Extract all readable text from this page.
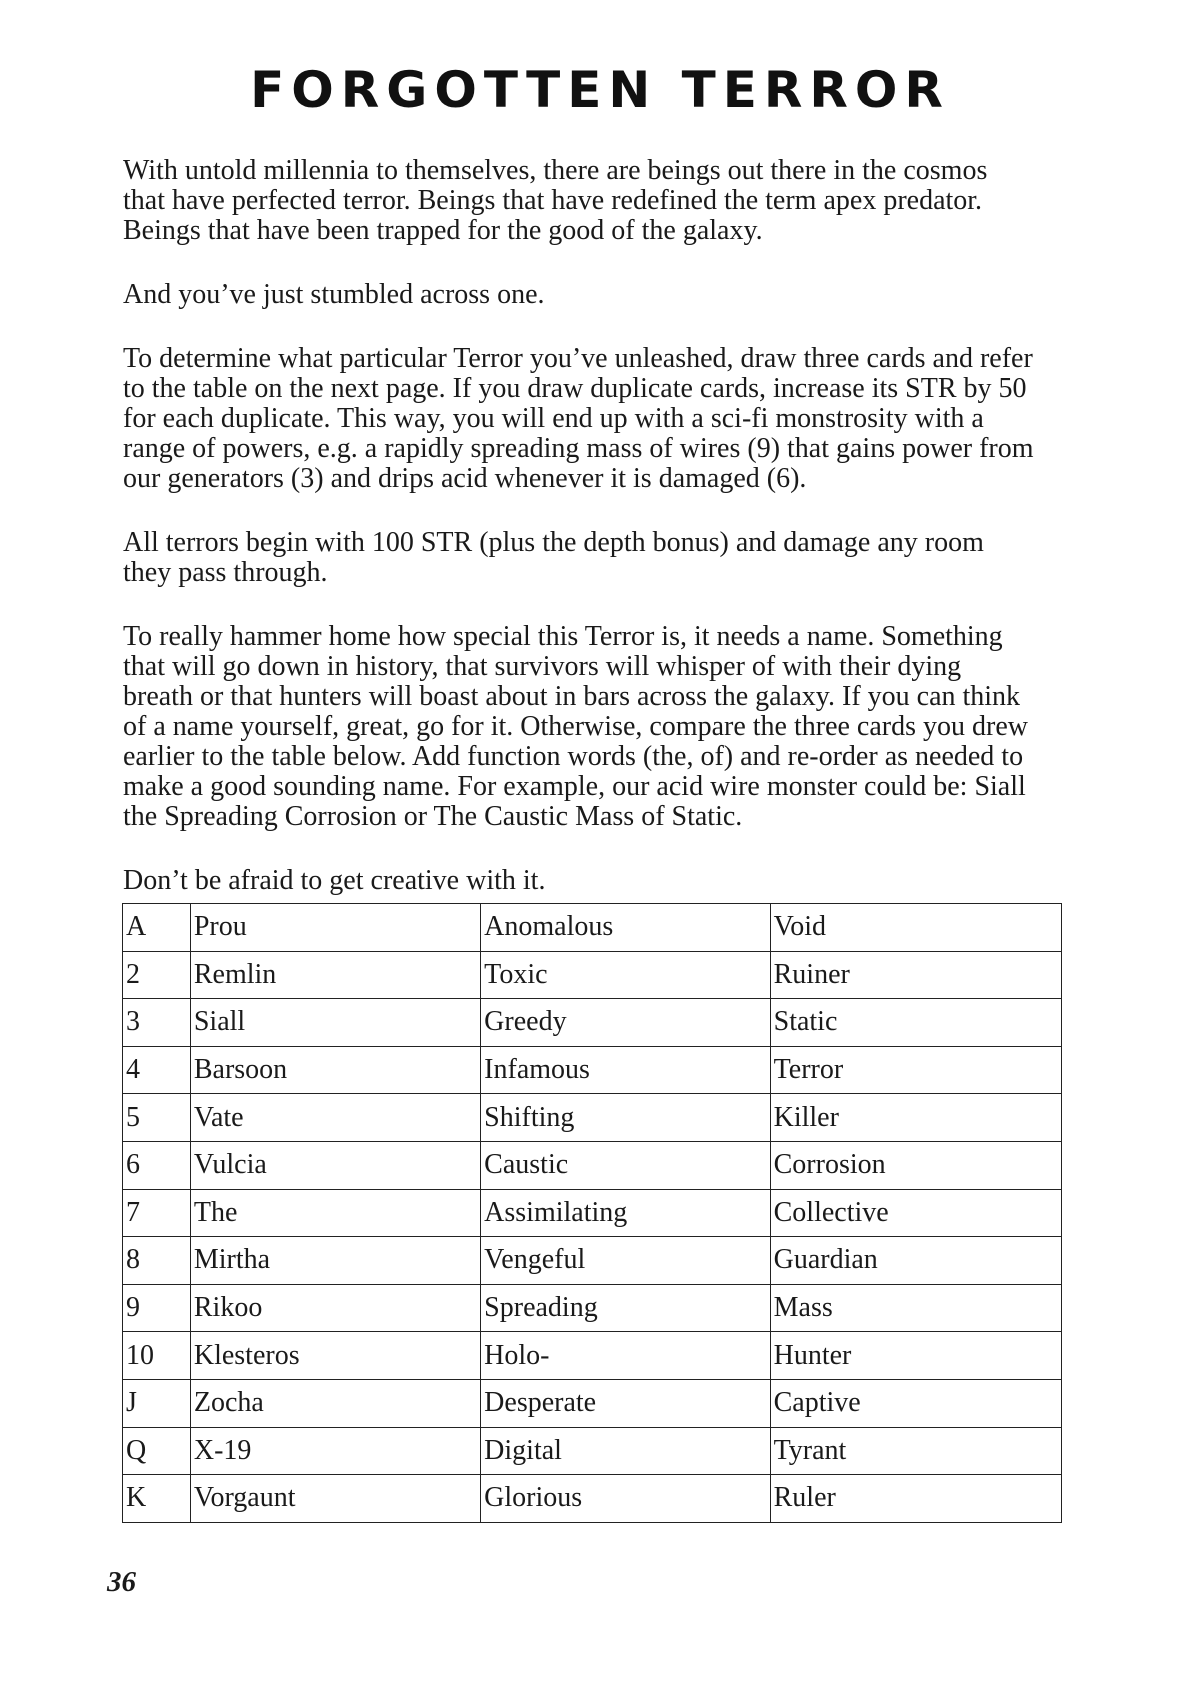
FORGOTTEN TERROR

With untold millennia to themselves, there are beings out there in the cosmos
that have perfected terror. Beings that have redefined the term apex predator.
Beings that have been trapped for the good of the galaxy.

And you’ve just stumbled across one.

To determine what particular Terror you’ve unleashed, draw three cards and refer
to the table on the next page. If you draw duplicate cards, increase its STR by 50
for each duplicate. This way, you will end up with a sci-fi monstrosity with a
range of powers, e.g. a rapidly spreading mass of wires (9) that gains power from
our generators (3) and drips acid whenever it is damaged (6).

All terrors begin with 100 STR (plus the depth bonus) and damage any room
they pass through.

To really hammer home how special this Terror is, it needs a name. Something
that will go down in history, that survivors will whisper of with their dying
breath or that hunters will boast about in bars across the galaxy. If you can think
of a name yourself, great, go for it. Otherwise, compare the three cards you drew
earlier to the table below. Add function words (the, of) and re-order as needed to
make a good sounding name. For example, our acid wire monster could be: Siall
the Spreading Corrosion or The Caustic Mass of Static.

Don’t be afraid to get creative with it.

A	Prou	Anomalous	Void
2	Remlin	Toxic	Ruiner
3	Siall	Greedy	Static
4	Barsoon	Infamous	Terror
5	Vate	Shifting	Killer
6	Vulcia	Caustic	Corrosion
7	The	Assimilating	Collective
8	Mirtha	Vengeful	Guardian
9	Rikoo	Spreading	Mass
10	Klesteros	Holo-	Hunter
J	Zocha	Desperate	Captive
Q	X-19	Digital	Tyrant
K	Vorgaunt	Glorious	Ruler

36
